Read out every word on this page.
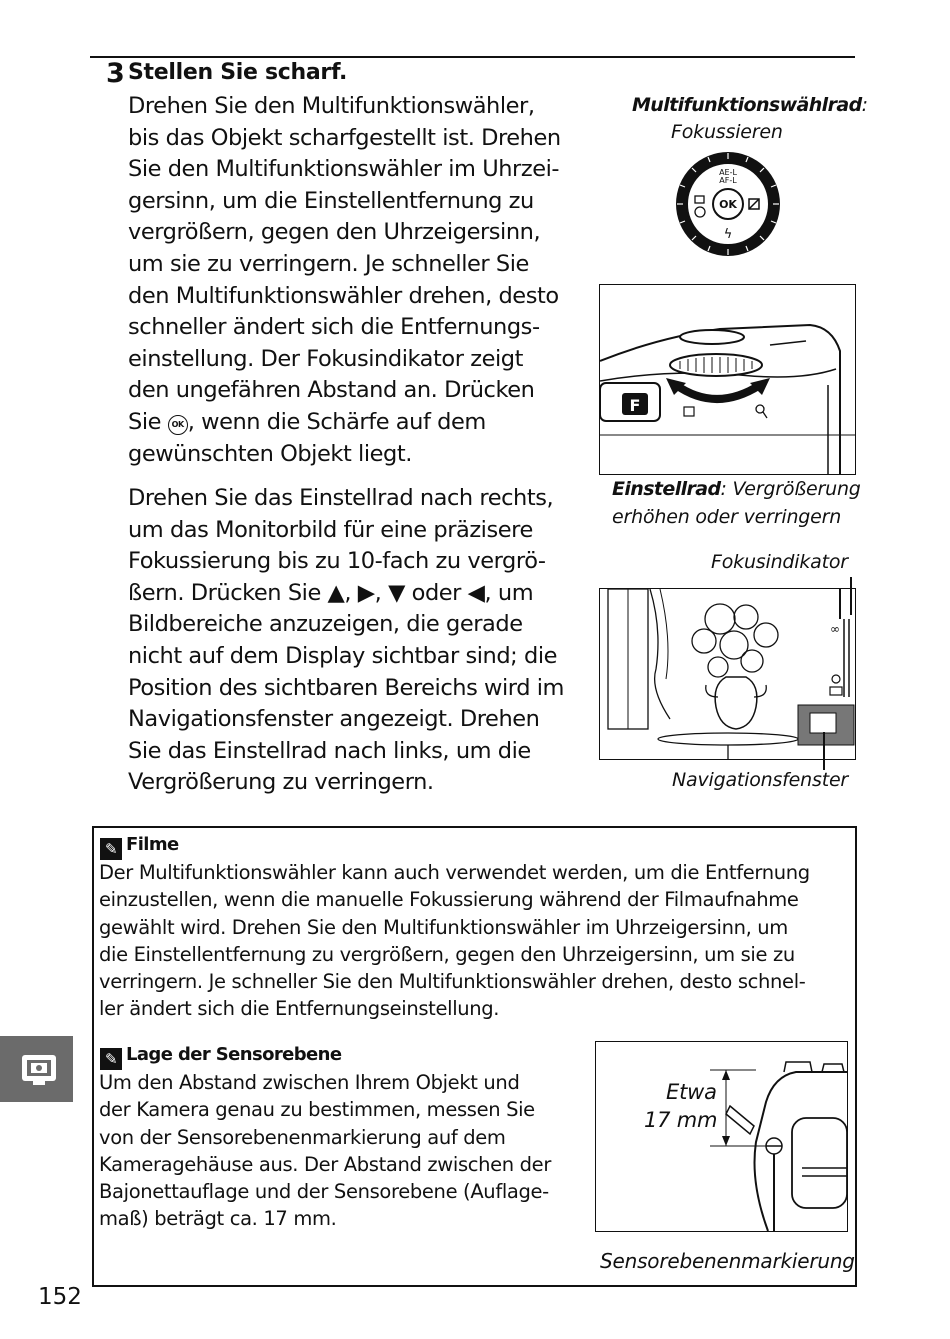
3 Stellen Sie scharf.
Drehen Sie den Multifunktionswähler,
bis das Objekt scharfgestellt ist. Drehen
Sie den Multifunktionswähler im Uhrzei-
gersinn, um die Einstellentfernung zu
vergrößern, gegen den Uhrzeigersinn,
um sie zu verringern. Je schneller Sie
den Multifunktionswähler drehen, desto
schneller ändert sich die Entfernungs-
einstellung. Der Fokusindikator zeigt
den ungefähren Abstand an. Drücken
Sie OK , wenn die Schärfe auf dem
gewünschten Objekt liegt.
Drehen Sie das Einstellrad nach rechts,
um das Monitorbild für eine präzisere
Fokussierung bis zu 10-fach zu vergrö-
ßern. Drücken Sie ▲, ▶, ▼ oder ◀, um
Bildbereiche anzuzeigen, die gerade
nicht auf dem Display sichtbar sind; die
Position des sichtbaren Bereichs wird im
Navigationsfenster angezeigt. Drehen
Sie das Einstellrad nach links, um die
Vergrößerung zu verringern.
Multifunktionswählrad:
Fokussieren
OK
AE-L
AF-L
ϟ
F
Einstellrad: Vergrößerung
erhöhen oder verringern
Fokusindikator
∞
Navigationsfenster
✎ Filme
Der Multifunktionswähler kann auch verwendet werden, um die Entfernung
einzustellen, wenn die manuelle Fokussierung während der Filmaufnahme
gewählt wird. Drehen Sie den Multifunktionswähler im Uhrzeigersinn, um
die Einstellentfernung zu vergrößern, gegen den Uhrzeigersinn, um sie zu
verringern. Je schneller Sie den Multifunktionswähler drehen, desto schnel-
ler ändert sich die Entfernungseinstellung.
✎ Lage der Sensorebene
Um den Abstand zwischen Ihrem Objekt und
der Kamera genau zu bestimmen, messen Sie
von der Sensorebenenmarkierung auf dem
Kameragehäuse aus. Der Abstand zwischen der
Bajonettauflage und der Sensorebene (Auflage-
maß) beträgt ca. 17 mm.
Etwa
17 mm
Sensorebenenmarkierung
152
